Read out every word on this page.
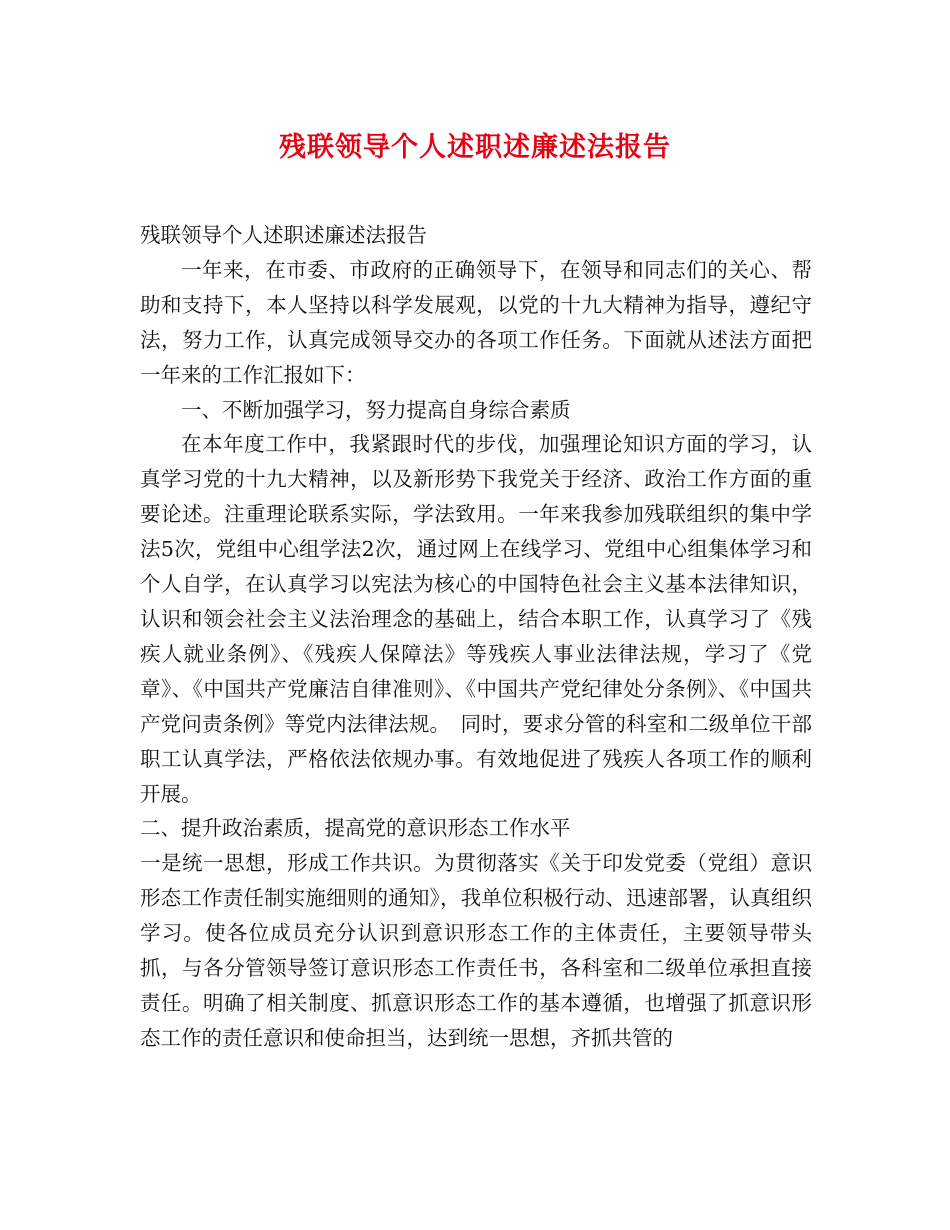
残联领导个人述职述廉述法报告

残联领导个人述职述廉述法报告

一年来，在市委、市政府的正确领导下，在领导和同志们的关心、帮助和支持下，本人坚持以科学发展观，以党的十九大精神为指导，遵纪守法，努力工作，认真完成领导交办的各项工作任务。下面就从述法方面把一年来的工作汇报如下：

一、不断加强学习，努力提高自身综合素质

在本年度工作中，我紧跟时代的步伐，加强理论知识方面的学习，认真学习党的十九大精神，以及新形势下我党关于经济、政治工作方面的重要论述。注重理论联系实际，学法致用。一年来我参加残联组织的集中学法5次，党组中心组学法2次，通过网上在线学习、党组中心组集体学习和个人自学，在认真学习以宪法为核心的中国特色社会主义基本法律知识，认识和领会社会主义法治理念的基础上，结合本职工作，认真学习了《残疾人就业条例》、《残疾人保障法》等残疾人事业法律法规，学习了《党章》、《中国共产党廉洁自律准则》、《中国共产党纪律处分条例》、《中国共产党问责条例》等党内法律法规。　同时，要求分管的科室和二级单位干部职工认真学法，严格依法依规办事。有效地促进了残疾人各项工作的顺利开展。

二、提升政治素质，提高党的意识形态工作水平

一是统一思想，形成工作共识。为贯彻落实《关于印发党委（党组）意识形态工作责任制实施细则的通知》，我单位积极行动、迅速部署，认真组织学习。使各位成员充分认识到意识形态工作的主体责任，主要领导带头抓，与各分管领导签订意识形态工作责任书，各科室和二级单位承担直接责任。明确了相关制度、抓意识形态工作的基本遵循，也增强了抓意识形态工作的责任意识和使命担当，达到统一思想，齐抓共管的
